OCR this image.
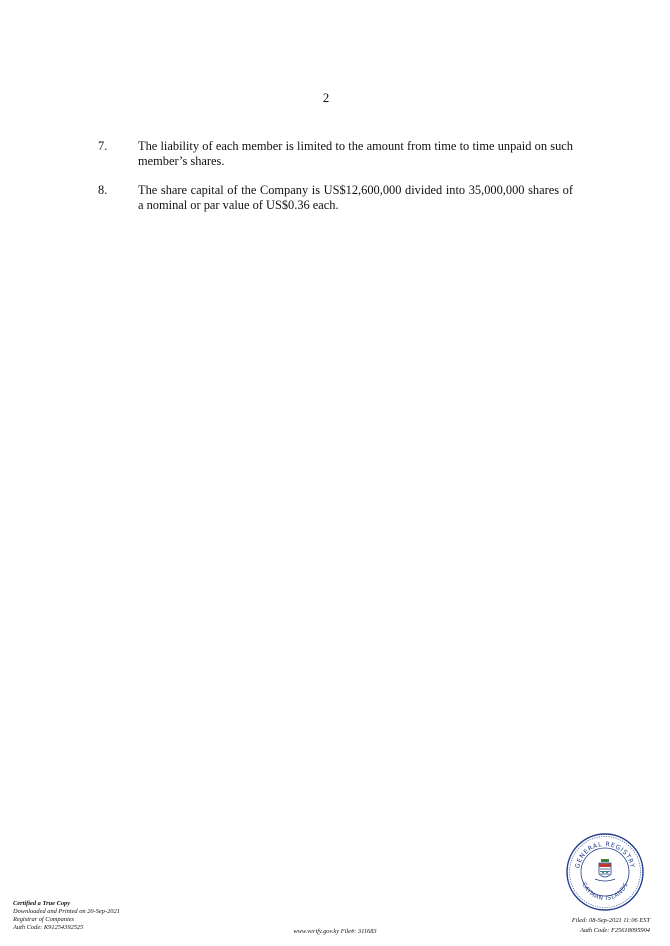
2
7. The liability of each member is limited to the amount from time to time unpaid on such member’s shares.
8. The share capital of the Company is US$12,600,000 divided into 35,000,000 shares of a nominal or par value of US$0.36 each.
Certified a True Copy
Downloaded and Printed on 20-Sep-2021
Registrar of Companies
Auth Code: K91254392525
www.verify.gov.ky File#: 311683
Filed: 08-Sep-2021 11:06 EST
Auth Code: F25618095904
GENERAL REGISTRY
CAYMAN ISLANDS
